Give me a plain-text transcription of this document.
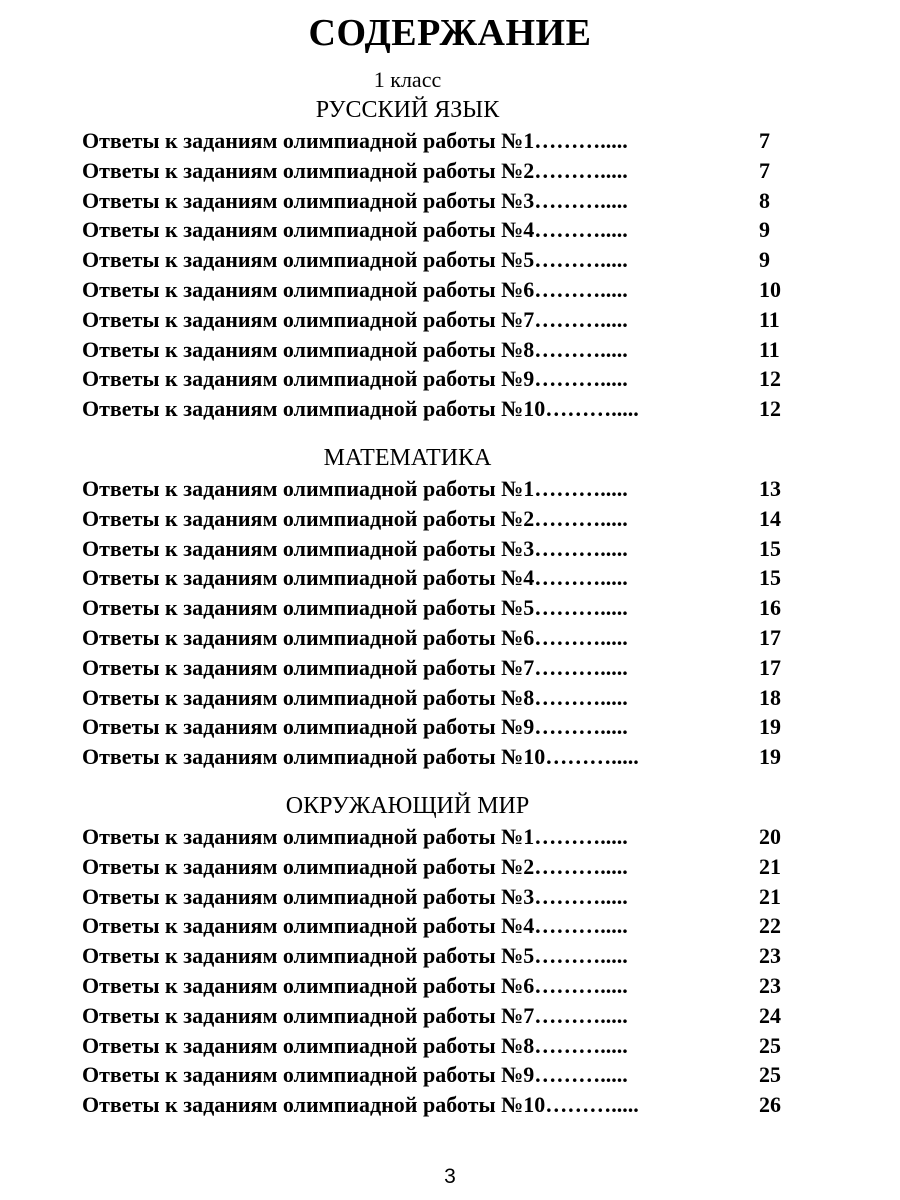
СОДЕРЖАНИЕ
1 класс
РУССКИЙ ЯЗЫК
Ответы к заданиям олимпиадной работы №1……….....	7
Ответы к заданиям олимпиадной работы №2……….....	7
Ответы к заданиям олимпиадной работы №3……….....	8
Ответы к заданиям олимпиадной работы №4……….....	9
Ответы к заданиям олимпиадной работы №5……….....	9
Ответы к заданиям олимпиадной работы №6……….....	10
Ответы к заданиям олимпиадной работы №7……….....	11
Ответы к заданиям олимпиадной работы №8……….....	11
Ответы к заданиям олимпиадной работы №9……….....	12
Ответы к заданиям олимпиадной работы №10……….....	12
МАТЕМАТИКА
Ответы к заданиям олимпиадной работы №1……….....	13
Ответы к заданиям олимпиадной работы №2……….....	14
Ответы к заданиям олимпиадной работы №3……….....	15
Ответы к заданиям олимпиадной работы №4……….....	15
Ответы к заданиям олимпиадной работы №5……….....	16
Ответы к заданиям олимпиадной работы №6……….....	17
Ответы к заданиям олимпиадной работы №7……….....	17
Ответы к заданиям олимпиадной работы №8……….....	18
Ответы к заданиям олимпиадной работы №9……….....	19
Ответы к заданиям олимпиадной работы №10……….....	19
ОКРУЖАЮЩИЙ МИР
Ответы к заданиям олимпиадной работы №1……….....	20
Ответы к заданиям олимпиадной работы №2……….....	21
Ответы к заданиям олимпиадной работы №3……….....	21
Ответы к заданиям олимпиадной работы №4……….....	22
Ответы к заданиям олимпиадной работы №5……….....	23
Ответы к заданиям олимпиадной работы №6……….....	23
Ответы к заданиям олимпиадной работы №7……….....	24
Ответы к заданиям олимпиадной работы №8……….....	25
Ответы к заданиям олимпиадной работы №9……….....	25
Ответы к заданиям олимпиадной работы №10……….....	26
3
